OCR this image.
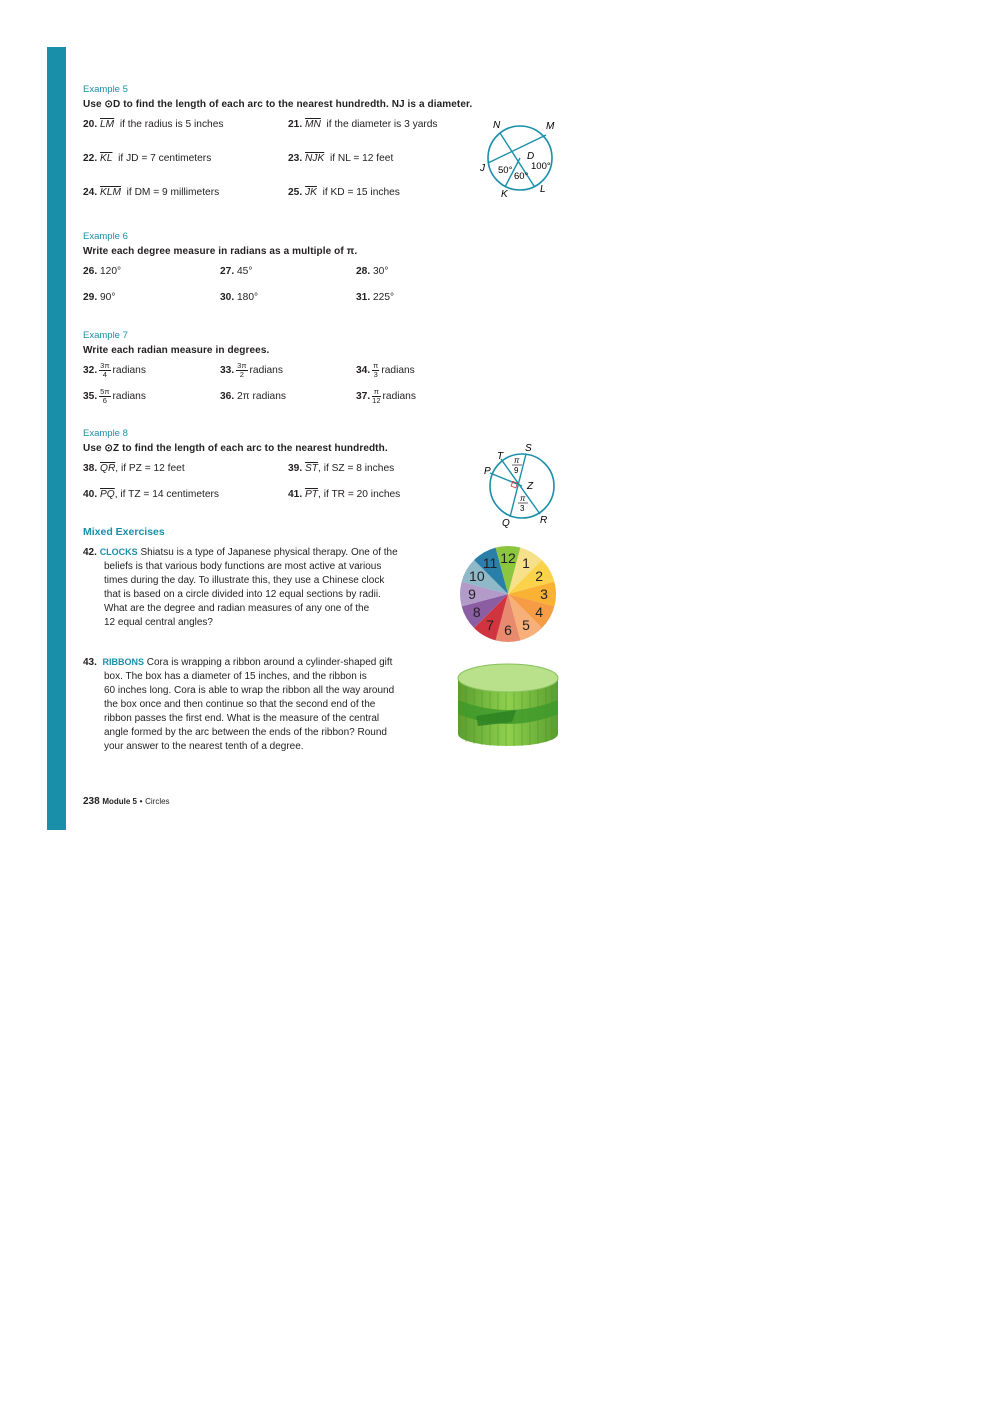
Example 5
Use ⊙D to find the length of each arc to the nearest hundredth. NJ is a diameter.
20. $\overline{LM}$ if the radius is 5 inches	21. $\overline{MN}$ if the diameter is 3 yards
22. $\overline{KL}$ if JD = 7 centimeters	23. $\overline{NJK}$ if NL = 12 feet
24. $\overline{KLM}$ if DM = 9 millimeters	25. $\overline{JK}$ if KD = 15 inches
N	M
J
D
K	L
50°
60°
100°
Example 6
Write each degree measure in radians as a multiple of π.
26. 120°	27. 45°	28. 30°
29. 90°	30. 180°	31. 225°
Example 7
Write each radian measure in degrees.
32. $\frac{3\pi}{4}$ radians	33. $\frac{3\pi}{2}$ radians	34. $\frac{\pi}{3}$ radians
35. $\frac{5\pi}{6}$ radians	36. 2π radians	37. $\frac{\pi}{12}$ radians
Example 8
Use ⊙Z to find the length of each arc to the nearest hundredth.
38. $\overline{QR}$, if PZ = 12 feet	39. $\overline{ST}$, if SZ = 8 inches
40. $\overline{PQ}$, if TZ = 14 centimeters	41. $\overline{PT}$, if TR = 20 inches
S
T
P
Z
Q	R
π
9
π
3
Mixed Exercises
42. CLOCKS Shiatsu is a type of Japanese physical therapy. One of the
beliefs is that various body functions are most active at various
times during the day. To illustrate this, they use a Chinese clock
that is based on a circle divided into 12 equal sections by radii.
What are the degree and radian measures of any one of the
12 equal central angles?
12 1
2
3
4
5
6
7
8
9
10
11
43. RIBBONS Cora is wrapping a ribbon around a cylinder-shaped gift
box. The box has a diameter of 15 inches, and the ribbon is
60 inches long. Cora is able to wrap the ribbon all the way around
the box once and then continue so that the second end of the
ribbon passes the first end. What is the measure of the central
angle formed by the arc between the ends of the ribbon? Round
your answer to the nearest tenth of a degree.
238 Module 5 • Circles
